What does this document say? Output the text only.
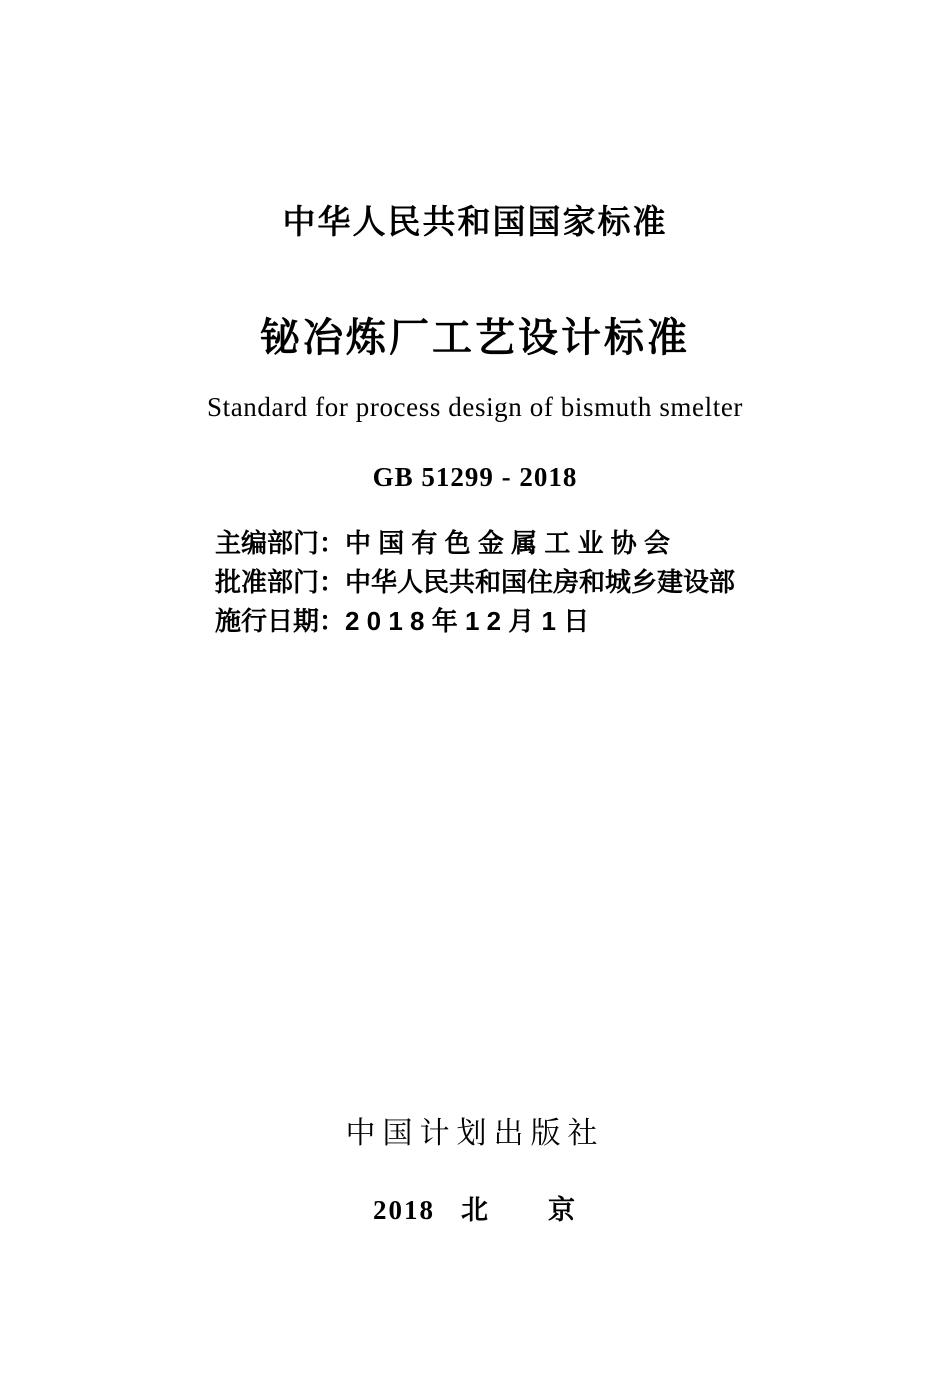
中华人民共和国国家标准
铋冶炼厂工艺设计标准
Standard for process design of bismuth smelter
GB 51299 - 2018
主编部门：中 国 有 色 金 属 工 业 协 会
批准部门：中华人民共和国住房和城乡建设部
施行日期：2 0 1 8 年 1 2 月 1 日
中国计划出版社
2018 北　　京
